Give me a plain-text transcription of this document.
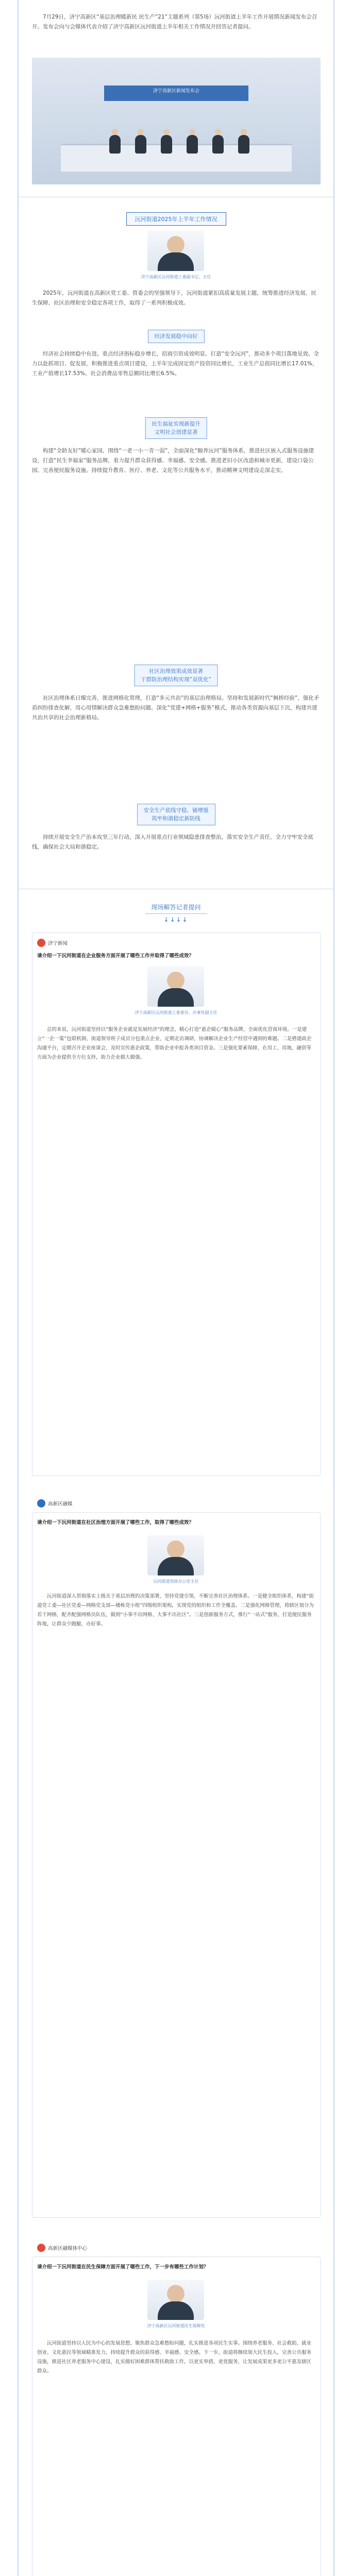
7月29日，济宁高新区“基层治理暖新民 民生产“21”主题系列（第5场）沅河街道上半年工作开展情况新闻发布会召开。发布会向与会媒体代表介绍了济宁高新区沅河街道上半年相关工作情况并回答记者提问。

济宁高新区新闻发布会
沅河街道2025年上半年工作情况
济宁高新区沅河街道工委副书记、主任

2025年，沅河街道在高新区党工委、管委会的坚强领导下，沅河街道紧扣高质量发展主题，统筹推进经济发展、民生保障、社区治理和安全稳定各项工作，取得了一系列积极成效。

经济发展稳中向好

经济社会持续稳中有进。重点经济指标稳步增长，招商引资成效明显。打造“安全沅河”，推动多个项目落地见效。全力以赴抓项目、促发展，积极推进重点项目建设，上半年完成固定资产投资同比增长，工业生产总值同比增长17.01%，工业产值增长17.53%，社会消费品零售总额同比增长6.5%。

民生福祉实现新提升
文明社会创建显著

构建“全龄友好”暖心家园，围绕“一老一小一青一弱”，全面深化“颐养沅河”服务体系，推进社区嵌入式服务设施建设，打造“民生幸福家”服务品牌，着力提升群众获得感、幸福感、安全感。推进老旧小区改造和城市更新，建设口袋公园、完善便民服务设施。持续提升教育、医疗、养老、文化等公共服务水平，推动精神文明建设走深走实。

社区治理效果成效显著
于群防治理结构实现“双优化”

社区治理体系日臻完善，推进网格化管理，打造“多元共治”的基层治理格局。坚持和发展新时代“枫桥经验”，强化矛盾纠纷排查化解，用心用情解决群众急难愁盼问题。深化“党建+网格+服务”模式，推动各类资源向基层下沉，构建共建共治共享的社会治理新格局。

安全生产底线守稳，铺增强
筑牢和谐稳定新防线

持续开展安全生产治本攻坚三年行动，深入开展重点行业领域隐患排查整治，落实安全生产责任，全力守牢安全底线，确保社会大局和谐稳定。

现场解答记者提问
↓↓↓↓
济宁新闻
请介绍一下沅河街道在企业服务方面开展了哪些工作并取得了哪些成效？
济宁高新区沅河街道工委委员、办事处副主任

总的来说，沅河街道坚持以“服务企业就是发展经济”的理念，精心打造“惠企暖心”服务品牌，全面优化营商环境。一是建立“一企一策”包联机制，街道领导班子成员分包重点企业，定期走访调研，协调解决企业生产经营中遇到的难题。二是搭建政企沟通平台，定期召开企业座谈会，及时宣传惠企政策，帮助企业申报各类项目资金。三是强化要素保障，在用工、用地、融资等方面为企业提供全方位支持，助力企业做大做强。

高新区融媒
请介绍一下沅河街道在社区治理方面开展了哪些工作，取得了哪些成效？
沅河街道党政办公室主任

沅河街道深入贯彻落实上级关于基层治理的决策部署，坚持党建引领，不断完善社区治理体系。一是健全组织体系，构建“街道党工委—社区党委—网格党支部—楼栋党小组”四级组织架构，实现党的组织和工作全覆盖。二是强化网格管理，将辖区划分为若干网格，配齐配强网格员队伍，做到“小事不出网格、大事不出社区”。三是创新服务方式，推行“一站式”服务，打造便民服务阵地，让群众少跑腿、办好事。

高新区融媒体中心
请介绍一下沅河街道在民生保障方面开展了哪些工作，下一步有哪些工作计划？
济宁高新区沅河街道民生保障处

沅河街道坚持以人民为中心的发展思想，聚焦群众急难愁盼问题，扎实推进各项民生实事。围绕养老服务、社会救助、就业创业、文化惠民等领域精准发力，持续提升群众的获得感、幸福感、安全感。下一步，街道将继续加大民生投入，完善公共服务设施，推进社区养老服务中心建设，扎实做好困难群体帮扶救助工作，以更实举措、更优服务，让发展成果更多更公平惠及辖区群众。
